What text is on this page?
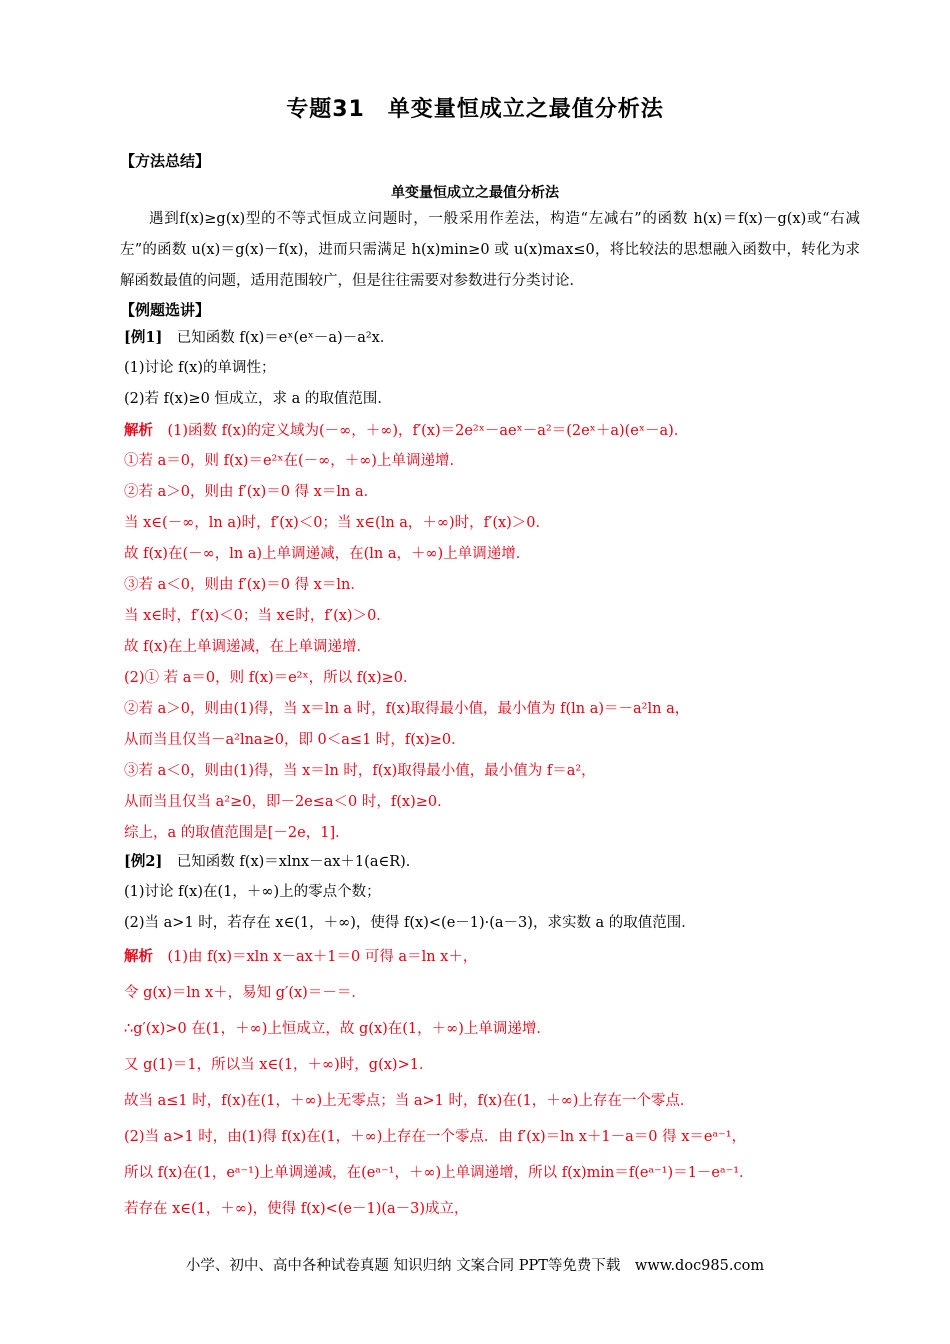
专题31　单变量恒成立之最值分析法
【方法总结】
单变量恒成立之最值分析法
遇到f(x)≥g(x)型的不等式恒成立问题时，一般采用作差法，构造“左减右”的函数 h(x)＝f(x)－g(x)或“右减左”的函数 u(x)＝g(x)－f(x)，进而只需满足 h(x)min≥0 或 u(x)max≤0，将比较法的思想融入函数中，转化为求解函数最值的问题，适用范围较广，但是往往需要对参数进行分类讨论．
【例题选讲】
[例1]　已知函数 f(x)＝eˣ(eˣ－a)－a²x．
(1)讨论 f(x)的单调性；
(2)若 f(x)≥0 恒成立，求 a 的取值范围．
解析　(1)函数 f(x)的定义域为(－∞，＋∞)，f′(x)＝2e²ˣ－aeˣ－a²＝(2eˣ＋a)(eˣ－a)．
①若 a＝0，则 f(x)＝e²ˣ在(－∞，＋∞)上单调递增．
②若 a＞0，则由 f′(x)＝0 得 x＝ln a．
当 x∈(－∞，ln a)时，f′(x)＜0；当 x∈(ln a，＋∞)时，f′(x)＞0．
故 f(x)在(－∞，ln a)上单调递减，在(ln a，＋∞)上单调递增．
③若 a＜0，则由 f′(x)＝0 得 x＝ln．
当 x∈时，f′(x)＜0；当 x∈时，f′(x)＞0．
故 f(x)在上单调递减，在上单调递增．
(2)① 若 a＝0，则 f(x)＝e²ˣ，所以 f(x)≥0．
②若 a＞0，则由(1)得，当 x＝ln a 时，f(x)取得最小值，最小值为 f(ln a)＝－a²ln a，
从而当且仅当－a²lna≥0，即 0＜a≤1 时，f(x)≥0．
③若 a＜0，则由(1)得，当 x＝ln 时，f(x)取得最小值，最小值为 f＝a²，
从而当且仅当 a²≥0，即－2e≤a＜0 时，f(x)≥0．
综上，a 的取值范围是[－2e，1]．
[例2]　已知函数 f(x)＝xlnx－ax＋1(a∈R)．
(1)讨论 f(x)在(1，＋∞)上的零点个数；
(2)当 a>1 时，若存在 x∈(1，＋∞)，使得 f(x)<(e－1)·(a－3)，求实数 a 的取值范围．
解析　(1)由 f(x)＝xln x－ax＋1＝0 可得 a＝ln x＋，
令 g(x)＝ln x＋，易知 g′(x)＝－＝．
∴g′(x)>0 在(1，＋∞)上恒成立，故 g(x)在(1，＋∞)上单调递增．
又 g(1)＝1，所以当 x∈(1，＋∞)时，g(x)>1．
故当 a≤1 时，f(x)在(1，＋∞)上无零点；当 a>1 时，f(x)在(1，＋∞)上存在一个零点．
(2)当 a>1 时，由(1)得 f(x)在(1，＋∞)上存在一个零点．由 f′(x)＝ln x＋1－a＝0 得 x＝eᵃ⁻¹，
所以 f(x)在(1，eᵃ⁻¹)上单调递减，在(eᵃ⁻¹，＋∞)上单调递增，所以 f(x)min＝f(eᵃ⁻¹)＝1－eᵃ⁻¹．
若存在 x∈(1，＋∞)，使得 f(x)<(e－1)(a－3)成立，
小学、初中、高中各种试卷真题 知识归纳 文案合同 PPT等免费下载　www.doc985.com
